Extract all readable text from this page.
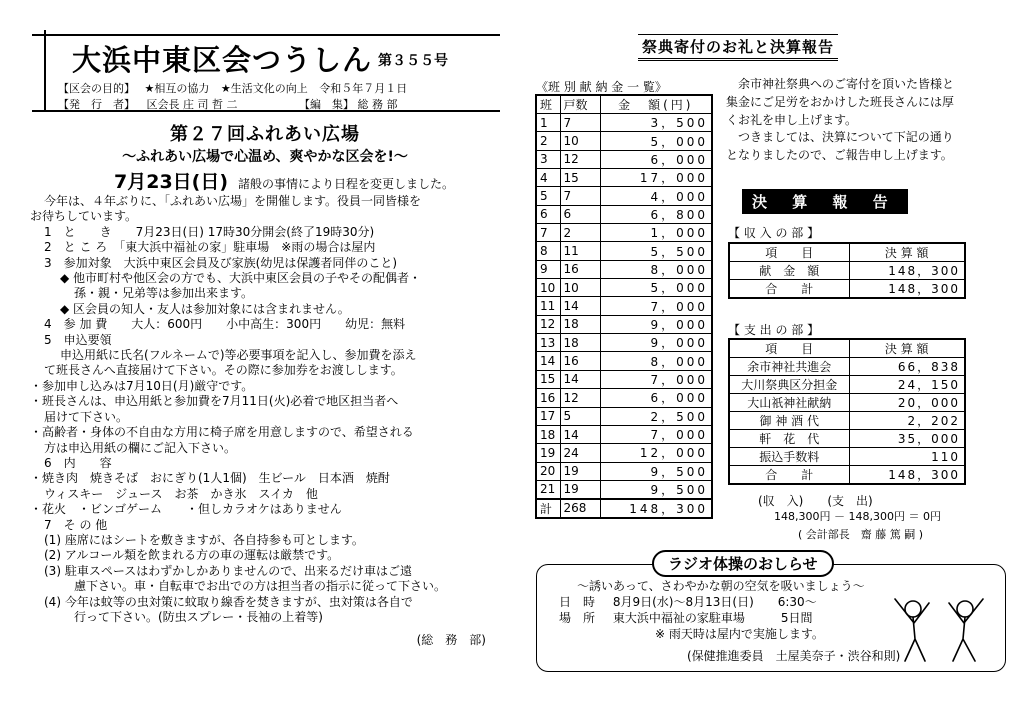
大浜中東区会つうしん 第３５５号
【区会の目的】 ★相互の協力 ★生活文化の向上 令和５年７月１日
【発　行　者】 区会長 庄 司 哲 二	【編　集】 総 務 部
第２７回ふれあい広場
～ふれあい広場で心温め、爽やかな区会を!～
7月23日(日) 諸般の事情により日程を変更しました。

今年は、４年ぶりに、「ふれあい広場」を開催します。役員一同皆様を

お待ちしています。

1　と　　き　　7月23日(日) 17時30分開会(終了19時30分)

2　と こ ろ　「東大浜中福祉の家」駐車場　※雨の場合は屋内

3　参加対象　大浜中東区会員及び家族(幼児は保護者同伴のこと)

◆ 他市町村や他区会の方でも、大浜中東区会員の子やその配偶者・

孫・親・兄弟等は参加出来ます。

◆ 区会員の知人・友人は参加対象には含まれません。

4　参 加 費　　大人：600円　　小中高生：300円　　幼児：無料

5　申込要領

申込用紙に氏名(フルネームで)等必要事項を記入し、参加費を添え

て班長さんへ直接届けて下さい。その際に参加券をお渡しします。

・参加申し込みは7月10日(月)厳守です。

・班長さんは、申込用紙と参加費を7月11日(火)必着で地区担当者へ

届けて下さい。

・高齢者・身体の不自由な方用に椅子席を用意しますので、希望される

方は申込用紙の欄にご記入下さい。

6　内　　容

・焼き肉　焼きそば　おにぎり(1人1個)　生ビール　日本酒　焼酎

ウィスキー　ジュース　お茶　かき氷　スイカ　他

・花火　・ビンゴゲーム　　・但しカラオケはありません

7　そ の 他

(1) 座席にはシートを敷きますが、各自持参も可とします。

(2) アルコール類を飲まれる方の車の運転は厳禁です。

(3) 駐車スペースはわずかしかありませんので、出来るだけ車はご遠

慮下さい。車・自転車でお出での方は担当者の指示に従って下さい。

(4) 今年は蚊等の虫対策に蚊取り線香を焚きますが、虫対策は各自で

行って下さい。(防虫スプレー・長袖の上着等)

(総　務　部)
祭典寄付のお礼と決算報告
《班 別 献 納 金 一 覧》
班	戸数	金　額(円)
1	7	3，500
2	10	5，000
3	12	6，000
4	15	17，000
5	7	4，000
6	6	6，800
7	2	1，000
8	11	5，500
9	16	8，000
10	10	5，000
11	14	7，000
12	18	9，000
13	18	9，000
14	16	8，000
15	14	7，000
16	12	6，000
17	5	2，500
18	14	7，000
19	24	12，000
20	19	9，500
21	19	9，500
計	268	148，300

余市神社祭典へのご寄付を頂いた皆様と

集金にご足労をおかけした班長さんには厚

くお礼を申し上げます。

つきましては、決算について下記の通り

となりましたので、ご報告申し上げます。

決 算 報 告
【 収 入 の 部 】
項　　目	決 算 額
献　金　額	148，300
合　　計	148，300
【 支 出 の 部 】
項　　目	決 算 額
余市神社共進会	66，838
大川祭典区分担金	24，150
大山祇神社献納	20，000
御 神 酒 代	2，202
軒　花　代	35，000
振込手数料	110
合　　計	148，300
(収　入)　　(支　出)
148,300円 － 148,300円 ＝ 0円
( 会計部長　齋 藤 篤 嗣 )
ラジオ体操のおしらせ
～誘いあって、さわやかな朝の空気を吸いましょう～
日　時 8月9日(水)～8月13日(日)　　6:30～
場　所 東大浜中福祉の家駐車場　　　5日間
※ 雨天時は屋内で実施します。
(保健推進委員　土屋美奈子・渋谷和則)
